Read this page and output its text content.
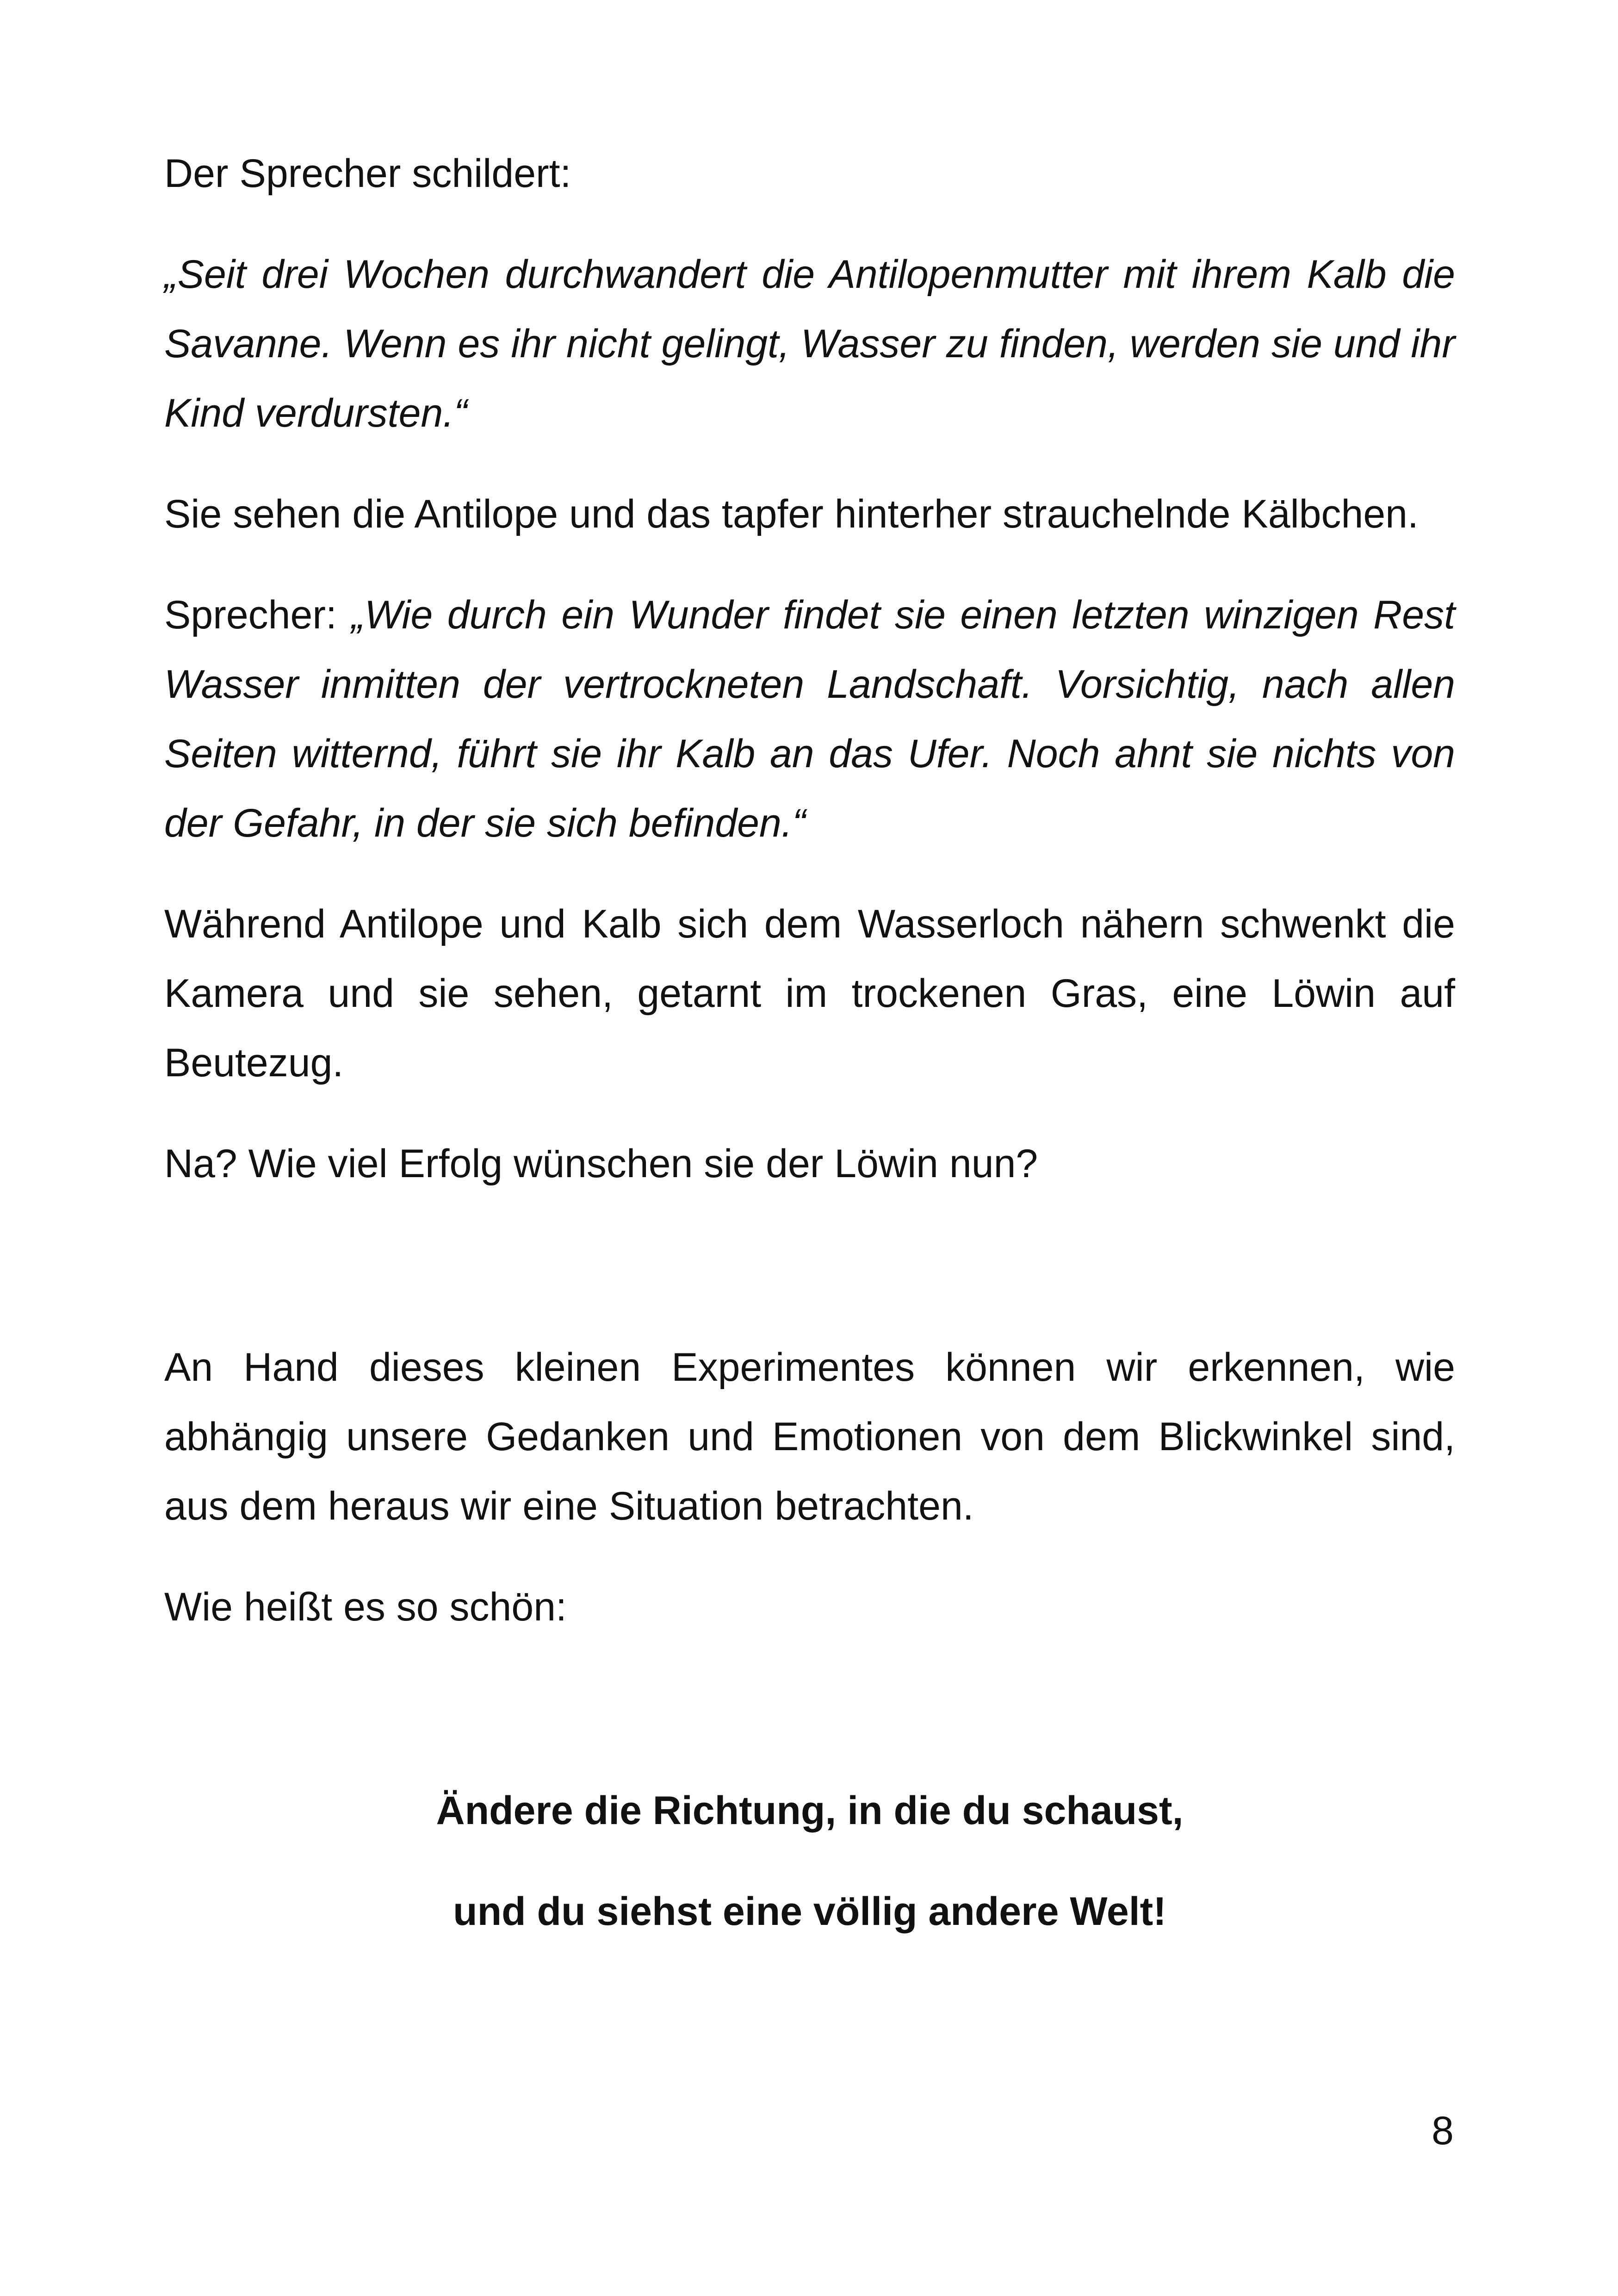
Der Sprecher schildert:

„Seit drei Wochen durchwandert die Antilopenmutter mit ihrem Kalb die Savanne. Wenn es ihr nicht gelingt, Wasser zu finden, werden sie und ihr Kind verdursten.“

Sie sehen die Antilope und das tapfer hinterher strauchelnde Kälbchen.

Sprecher: „Wie durch ein Wunder findet sie einen letzten winzigen Rest Wasser inmitten der vertrockneten Landschaft. Vorsichtig, nach allen Seiten witternd, führt sie ihr Kalb an das Ufer. Noch ahnt sie nichts von der Gefahr, in der sie sich befinden.“

Während Antilope und Kalb sich dem Wasserloch nähern schwenkt die Kamera und sie sehen, getarnt im trockenen Gras, eine Löwin auf Beutezug.

Na? Wie viel Erfolg wünschen sie der Löwin nun?

An Hand dieses kleinen Experimentes können wir erkennen, wie abhängig unsere Gedanken und Emotionen von dem Blickwinkel sind, aus dem heraus wir eine Situation betrachten.

Wie heißt es so schön:

Ändere die Richtung, in die du schaust,

und du siehst eine völlig andere Welt!

8
